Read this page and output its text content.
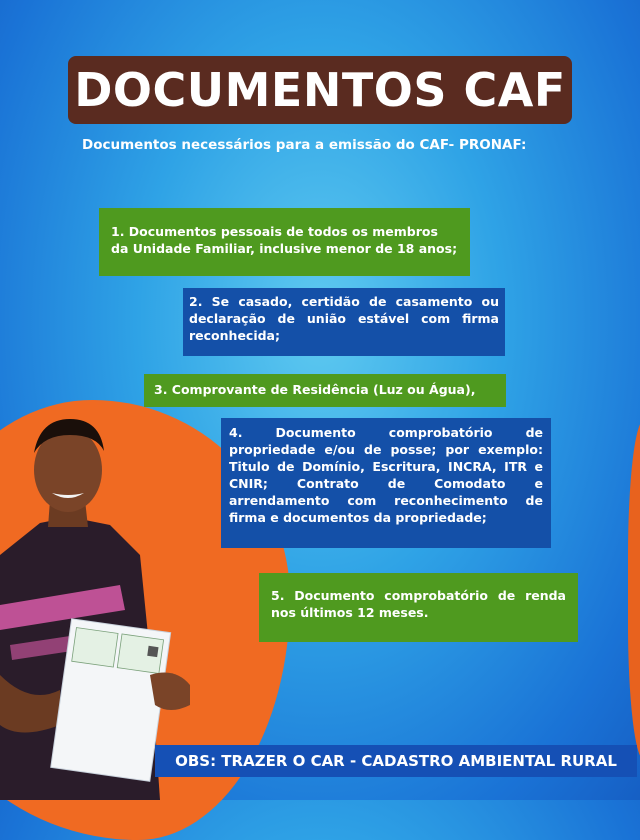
DOCUMENTOS CAF
Documentos necessários para a emissão do CAF- PRONAF:
1. Documentos pessoais de todos os membros da Unidade Familiar, inclusive menor de 18 anos;
2. Se casado, certidão de casamento ou declaração de união estável com firma reconhecida;
3. Comprovante de Residência (Luz ou Água),
4. Documento comprobatório de propriedade e/ou de posse; por exemplo: Titulo de Domínio, Escritura, INCRA, ITR e CNIR; Contrato de Comodato e arrendamento com reconhecimento de firma e documentos da propriedade;
5. Documento comprobatório de renda nos últimos 12 meses.
OBS: TRAZER O CAR - CADASTRO AMBIENTAL RURAL
